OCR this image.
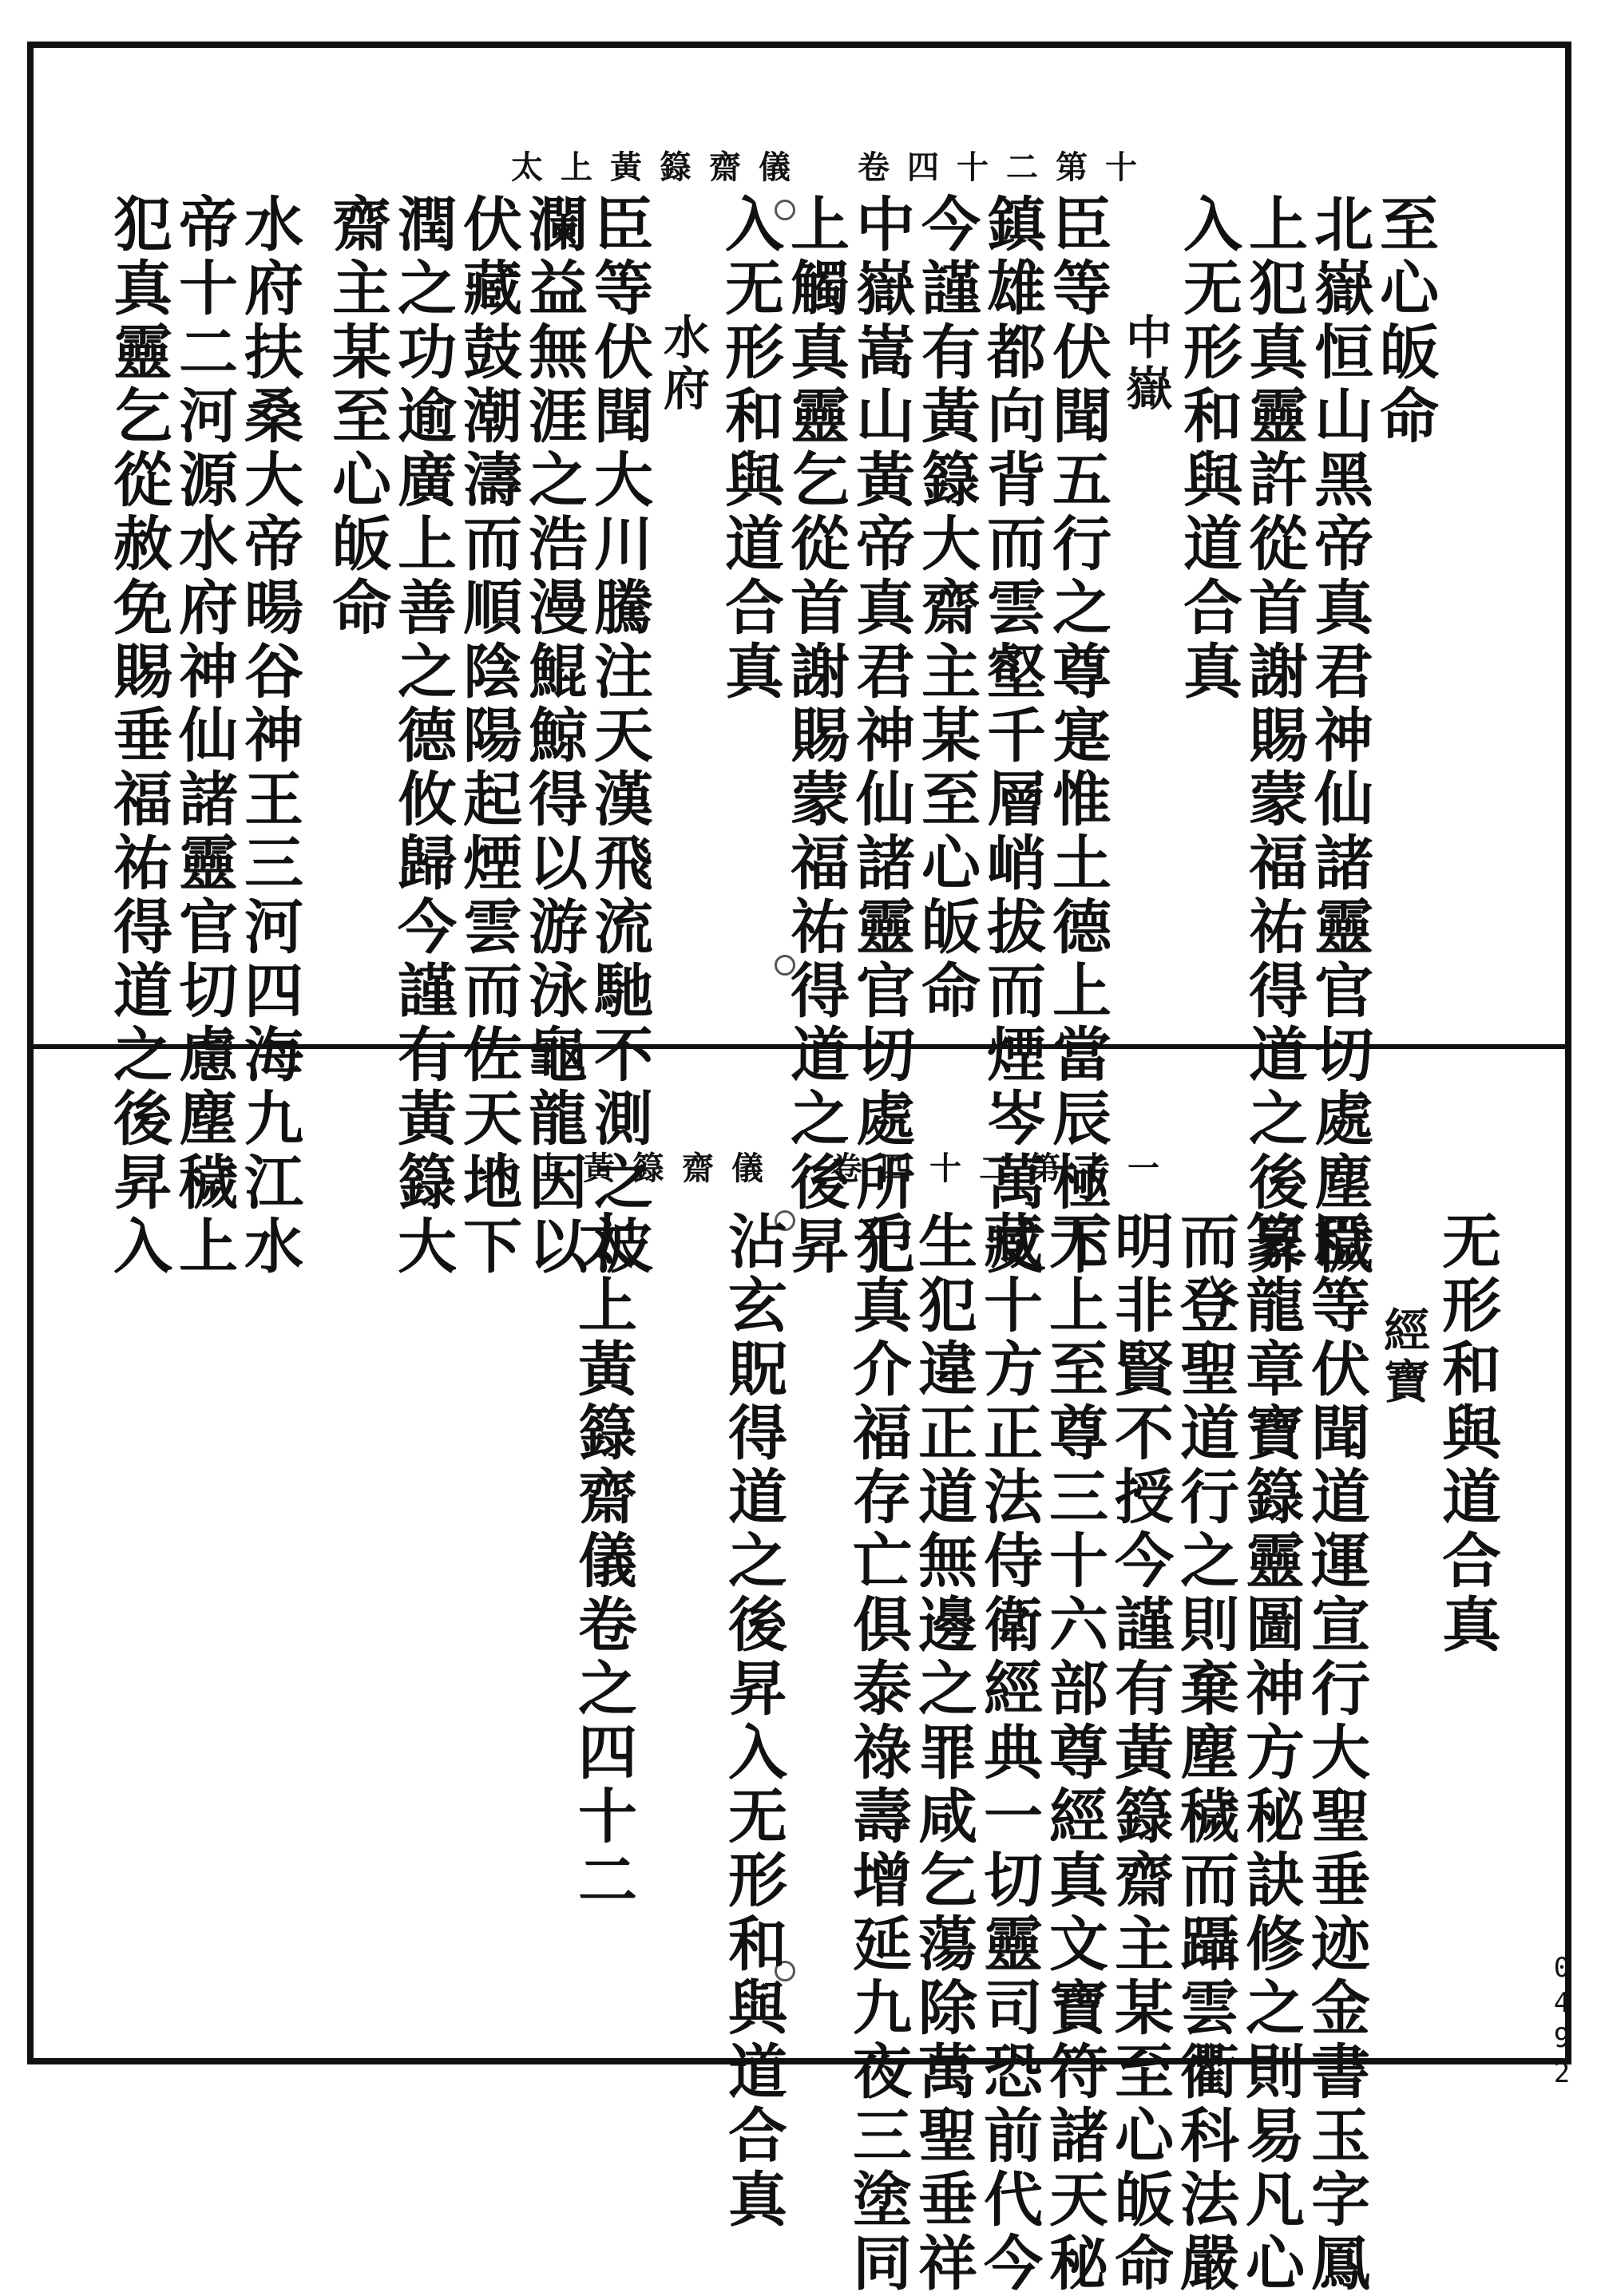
太上黃籙齋儀　卷四十二第十
至心皈命
北嶽恒山黑帝真君神仙諸靈官切處塵穢
上犯真靈許從首謝賜蒙福祐得道之後昇
入无形和與道合真
中嶽
臣等伏聞五行之尊寔惟土德上當辰極下
鎮雄都向背而雲壑千層峭拔而煙岑萬丈
今謹有黃籙大齋主某至心皈命
中嶽嵩山黃帝真君神仙諸靈官切處所犯
上觸真靈乞從首謝賜蒙福祐得道之後昇
入无形和與道合真
水府
臣等伏聞大川騰注天漢飛流馳不測之波
瀾益無涯之浩漫鯤鯨得以游泳龜龍因以
伏藏鼓潮濤而順陰陽起煙雲而佐天地下
潤之功逾廣上善之德攸歸今謹有黃籙大
齋主某至心皈命
水府扶桑大帝暘谷神王三河四海九江水
帝十二河源水府神仙諸靈官切慮塵穢上
犯真靈乞從赦免賜垂福祐得道之後昇入	太上黃籙齋儀　卷四十二第十一
无形和與道合真
經寶
臣等伏聞道運宣行大聖垂迹金書玉字鳳
篆龍章寶籙靈圖神方秘訣修之則易凡心
而登聖道行之則棄塵穢而躡雲衢科法嚴
明非賢不授今謹有黃籙齋主某至心皈命
无上至尊三十六部尊經真文寶符諸天秘
藏十方正法侍衛經典一切靈司恐前代今
生犯違正道無邊之罪咸乞蕩除萬聖垂祥
千真介福存亡俱泰祿壽增延九夜三塗同
沾玄貺得道之後昇入无形和與道合真
太上黃籙齋儀卷之四十二
0492
